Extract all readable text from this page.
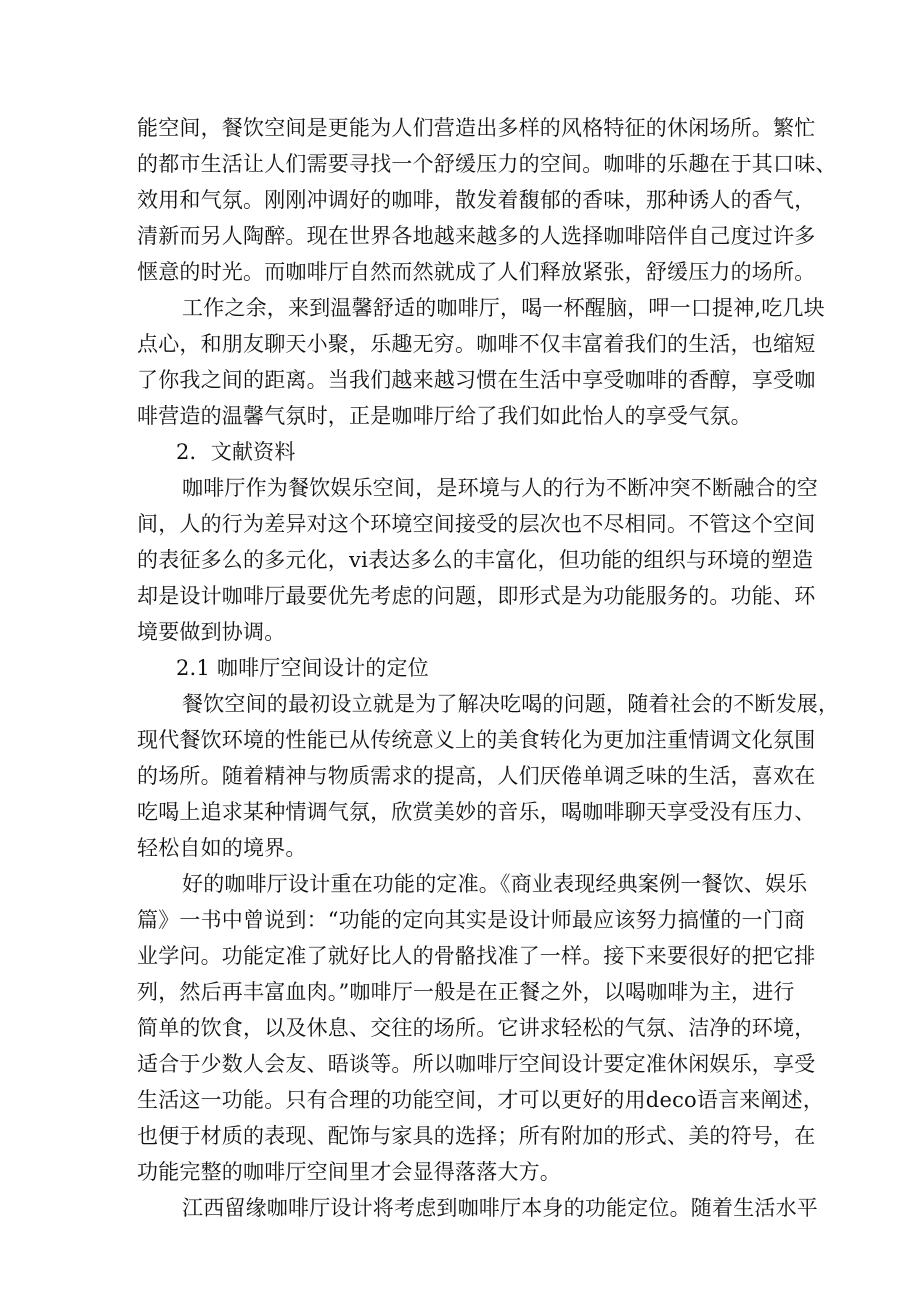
能空间，餐饮空间是更能为人们营造出多样的风格特征的休闲场所。繁忙
的都市生活让人们需要寻找一个舒缓压力的空间。咖啡的乐趣在于其口味、
效用和气氛。刚刚冲调好的咖啡，散发着馥郁的香味，那种诱人的香气，
清新而另人陶醉。现在世界各地越来越多的人选择咖啡陪伴自己度过许多
惬意的时光。而咖啡厅自然而然就成了人们释放紧张，舒缓压力的场所。
工作之余，来到温馨舒适的咖啡厅，喝一杯醒脑，呷一口提神,吃几块
点心，和朋友聊天小聚，乐趣无穷。咖啡不仅丰富着我们的生活，也缩短
了你我之间的距离。当我们越来越习惯在生活中享受咖啡的香醇，享受咖
啡营造的温馨气氛时，正是咖啡厅给了我们如此怡人的享受气氛。
2．文献资料
咖啡厅作为餐饮娱乐空间，是环境与人的行为不断冲突不断融合的空
间，人的行为差异对这个环境空间接受的层次也不尽相同。不管这个空间
的表征多么的多元化，vi表达多么的丰富化，但功能的组织与环境的塑造
却是设计咖啡厅最要优先考虑的问题，即形式是为功能服务的。功能、环
境要做到协调。
2.1 咖啡厅空间设计的定位
餐饮空间的最初设立就是为了解决吃喝的问题，随着社会的不断发展，
现代餐饮环境的性能已从传统意义上的美食转化为更加注重情调文化氛围
的场所。随着精神与物质需求的提高，人们厌倦单调乏味的生活，喜欢在
吃喝上追求某种情调气氛，欣赏美妙的音乐，喝咖啡聊天享受没有压力、
轻松自如的境界。
好的咖啡厅设计重在功能的定准。《商业表现经典案例一餐饮、娱乐
篇》一书中曾说到：“功能的定向其实是设计师最应该努力搞懂的一门商
业学问。功能定准了就好比人的骨骼找准了一样。接下来要很好的把它排
列，然后再丰富血肉。”咖啡厅一般是在正餐之外，以喝咖啡为主，进行
简单的饮食，以及休息、交往的场所。它讲求轻松的气氛、洁净的环境，
适合于少数人会友、晤谈等。所以咖啡厅空间设计要定准休闲娱乐，享受
生活这一功能。只有合理的功能空间，才可以更好的用deco语言来阐述，
也便于材质的表现、配饰与家具的选择；所有附加的形式、美的符号，在
功能完整的咖啡厅空间里才会显得落落大方。
江西留缘咖啡厅设计将考虑到咖啡厅本身的功能定位。随着生活水平
